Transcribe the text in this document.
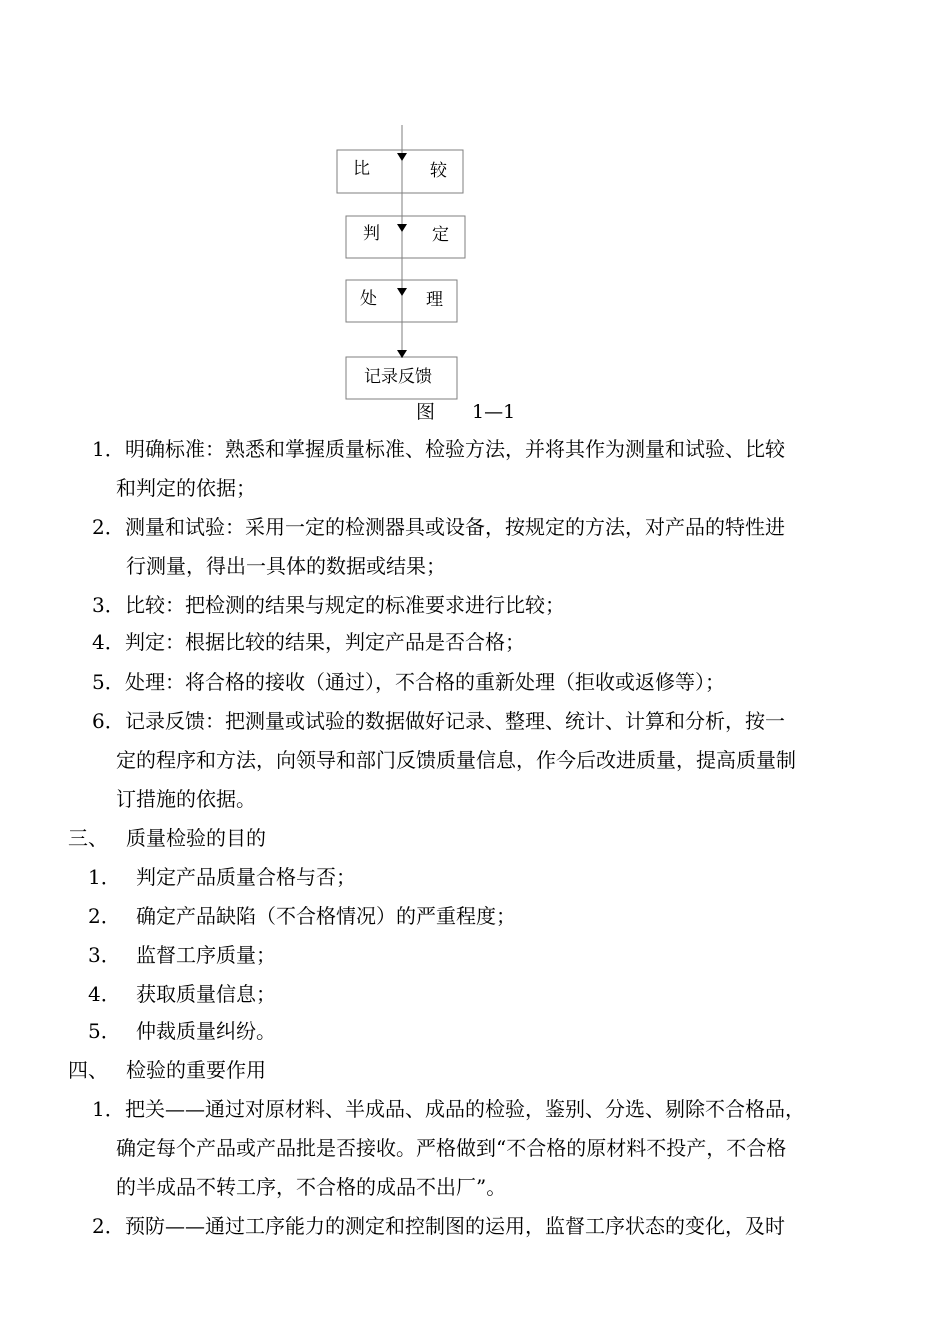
比	较
判	定
处	理
记录反馈
图 1—1
1． 明确标准：熟悉和掌握质量标准、检验方法，并将其作为测量和试验、比较
和判定的依据；
2． 测量和试验：采用一定的检测器具或设备，按规定的方法，对产品的特性进
行测量，得出一具体的数据或结果；
3． 比较：把检测的结果与规定的标准要求进行比较；
4． 判定：根据比较的结果，判定产品是否合格；
5． 处理：将合格的接收（通过），不合格的重新处理（拒收或返修等）；
6． 记录反馈：把测量或试验的数据做好记录、整理、统计、计算和分析，按一
定的程序和方法，向领导和部门反馈质量信息，作今后改进质量，提高质量制
订措施的依据。
三、 质量检验的目的
1． 判定产品质量合格与否；
2． 确定产品缺陷（不合格情况）的严重程度；
3． 监督工序质量；
4． 获取质量信息；
5． 仲裁质量纠纷。
四、 检验的重要作用
1． 把关——通过对原材料、半成品、成品的检验，鉴别、分选、剔除不合格品，
确定每个产品或产品批是否接收。严格做到“不合格的原材料不投产，不合格
的半成品不转工序，不合格的成品不出厂”。
2． 预防——通过工序能力的测定和控制图的运用，监督工序状态的变化，及时
